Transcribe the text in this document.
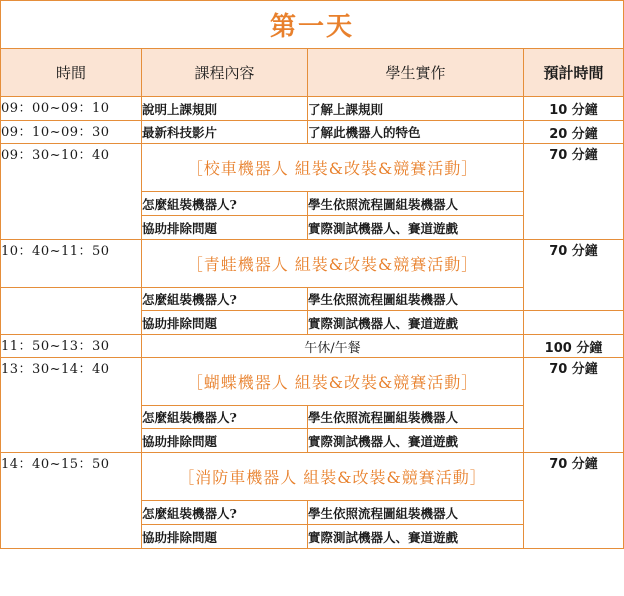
第一天			
時間	課程內容	學生實作	預計時間
09：00~09：10	說明上課規則	了解上課規則	10 分鐘
09：10~09：30	最新科技影片	了解此機器人的特色	20 分鐘
09：30~10：40	［校車機器人 組裝&改裝&競賽活動］		70 分鐘
	怎麼組裝機器人?	學生依照流程圖組裝機器人	
	協助排除問題	實際測試機器人、賽道遊戲	
10：40~11：50	［青蛙機器人 組裝&改裝&競賽活動］		70 分鐘
	怎麼組裝機器人?	學生依照流程圖組裝機器人	
	協助排除問題	實際測試機器人、賽道遊戲	
11：50~13：30	午休/午餐		100 分鐘
13：30~14：40	［蝴蝶機器人 組裝&改裝&競賽活動］		70 分鐘
	怎麼組裝機器人?	學生依照流程圖組裝機器人	
	協助排除問題	實際測試機器人、賽道遊戲	
14：40~15：50	［消防車機器人 組裝&改裝&競賽活動］		70 分鐘
	怎麼組裝機器人?	學生依照流程圖組裝機器人	
	協助排除問題	實際測試機器人、賽道遊戲	
